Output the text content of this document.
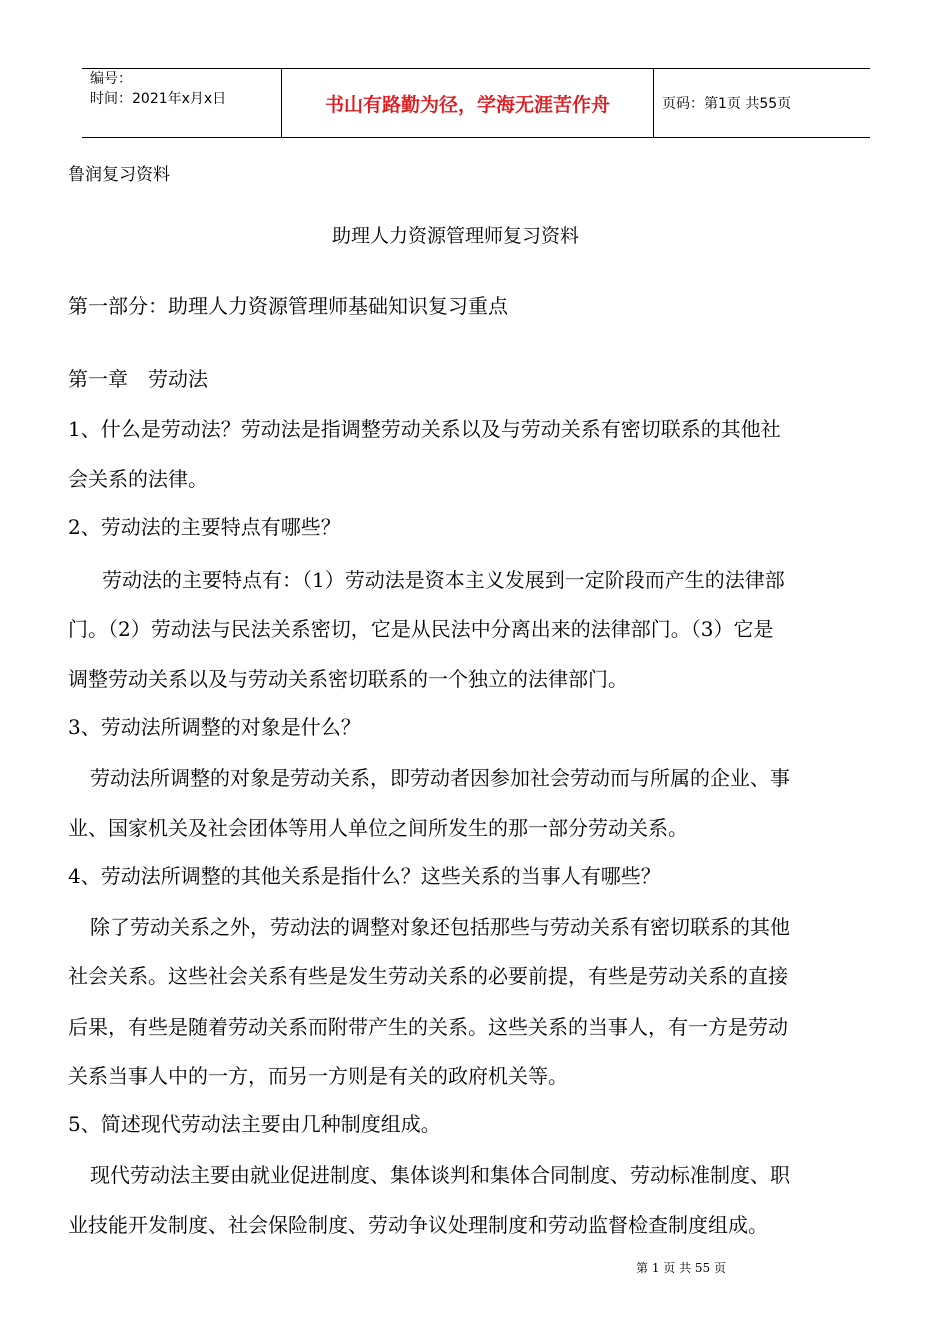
编号：
时间：2021年x月x日	书山有路勤为径，学海无涯苦作舟	页码：第1页 共55页
鲁润复习资料
助理人力资源管理师复习资料
第一部分：助理人力资源管理师基础知识复习重点
第一章　劳动法
1、什么是劳动法？劳动法是指调整劳动关系以及与劳动关系有密切联系的其他社
会关系的法律。
2、劳动法的主要特点有哪些？
劳动法的主要特点有：（1）劳动法是资本主义发展到一定阶段而产生的法律部
门。（2）劳动法与民法关系密切，它是从民法中分离出来的法律部门。（3）它是
调整劳动关系以及与劳动关系密切联系的一个独立的法律部门。
3、劳动法所调整的对象是什么？
劳动法所调整的对象是劳动关系，即劳动者因参加社会劳动而与所属的企业、事
业、国家机关及社会团体等用人单位之间所发生的那一部分劳动关系。
4、劳动法所调整的其他关系是指什么？这些关系的当事人有哪些？
除了劳动关系之外，劳动法的调整对象还包括那些与劳动关系有密切联系的其他
社会关系。这些社会关系有些是发生劳动关系的必要前提，有些是劳动关系的直接
后果，有些是随着劳动关系而附带产生的关系。这些关系的当事人，有一方是劳动
关系当事人中的一方，而另一方则是有关的政府机关等。
5、简述现代劳动法主要由几种制度组成。
现代劳动法主要由就业促进制度、集体谈判和集体合同制度、劳动标准制度、职
业技能开发制度、社会保险制度、劳动争议处理制度和劳动监督检查制度组成。
第 1 页 共 55 页
